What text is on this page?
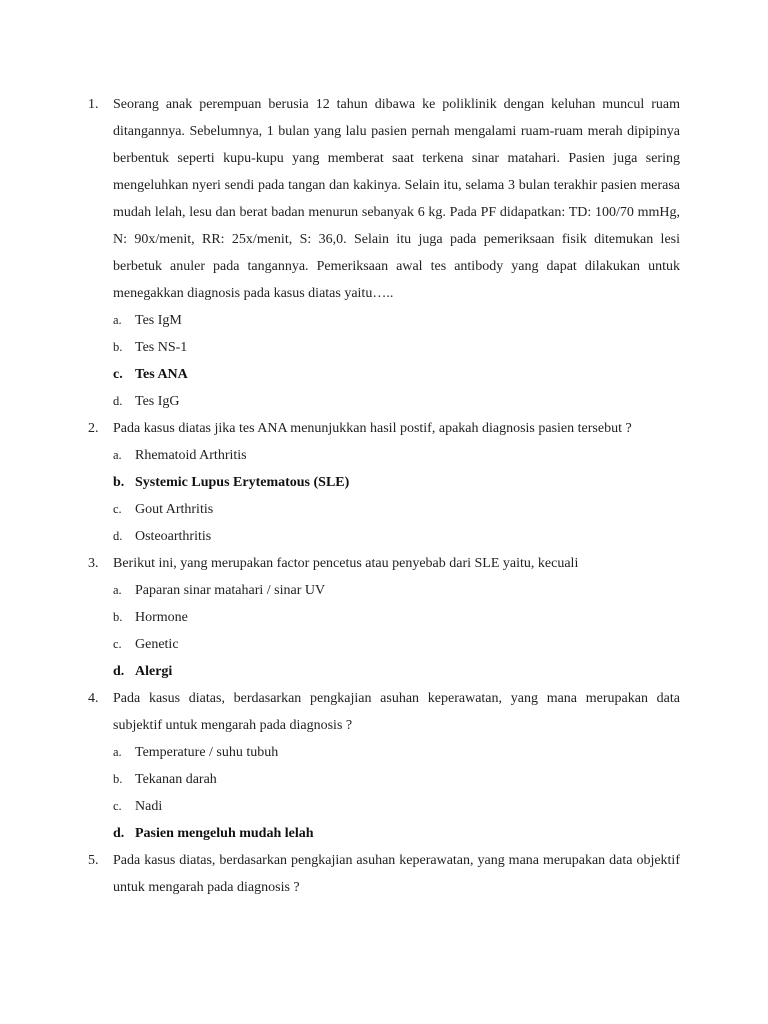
1. Seorang anak perempuan berusia 12 tahun dibawa ke poliklinik dengan keluhan muncul ruam ditangannya. Sebelumnya, 1 bulan yang lalu pasien pernah mengalami ruam-ruam merah dipipinya berbentuk seperti kupu-kupu yang memberat saat terkena sinar matahari. Pasien juga sering mengeluhkan nyeri sendi pada tangan dan kakinya. Selain itu, selama 3 bulan terakhir pasien merasa mudah lelah, lesu dan berat badan menurun sebanyak 6 kg. Pada PF didapatkan: TD: 100/70 mmHg, N: 90x/menit, RR: 25x/menit, S: 36,0. Selain itu juga pada pemeriksaan fisik ditemukan lesi berbetuk anuler pada tangannya. Pemeriksaan awal tes antibody yang dapat dilakukan untuk menegakkan diagnosis pada kasus diatas yaitu…..

a. Tes IgM
b. Tes NS-1
c. Tes ANA
d. Tes IgG
2. Pada kasus diatas jika tes ANA menunjukkan hasil postif, apakah diagnosis pasien tersebut ?

a. Rhematoid Arthritis
b. Systemic Lupus Erytematous (SLE)
c. Gout Arthritis
d. Osteoarthritis
3. Berikut ini, yang merupakan factor pencetus atau penyebab dari SLE yaitu, kecuali

a. Paparan sinar matahari / sinar UV
b. Hormone
c. Genetic
d. Alergi
4. Pada kasus diatas, berdasarkan pengkajian asuhan keperawatan, yang mana merupakan data subjektif untuk mengarah pada diagnosis ?

a. Temperature / suhu tubuh
b. Tekanan darah
c. Nadi
d. Pasien mengeluh mudah lelah
5. Pada kasus diatas, berdasarkan pengkajian asuhan keperawatan, yang mana merupakan data objektif untuk mengarah pada diagnosis ?
